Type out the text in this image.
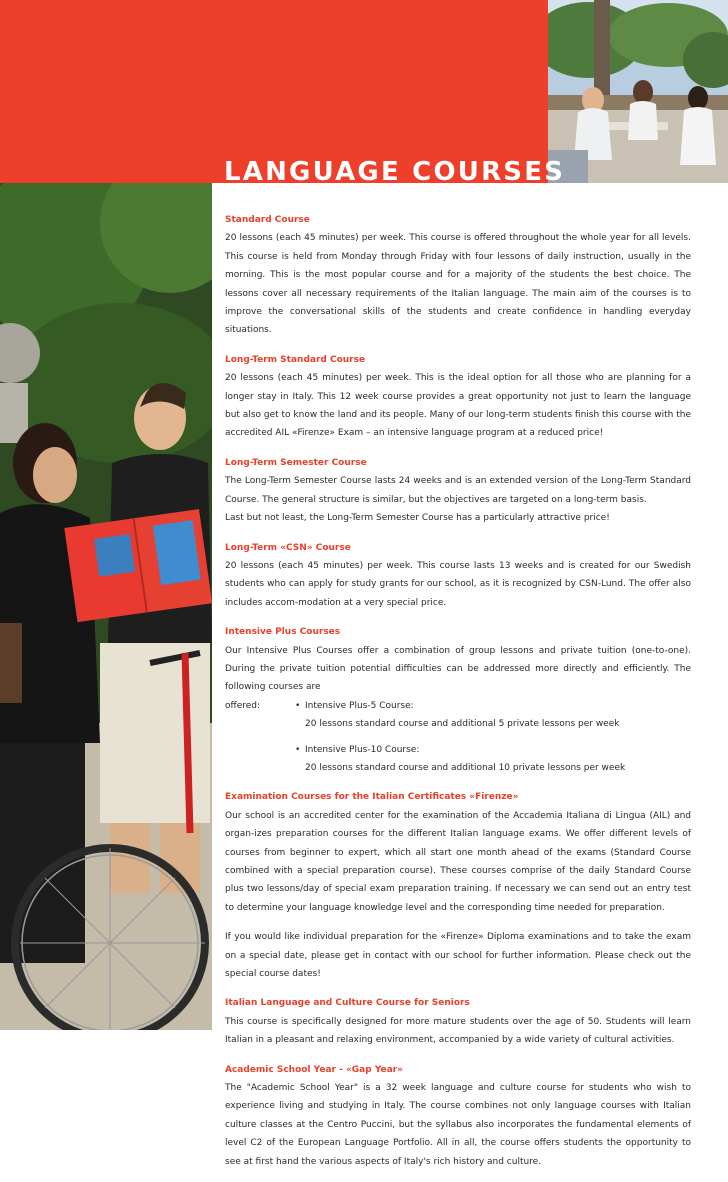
LANGUAGE COURSES

Standard Course

20 lessons (each 45 minutes) per week. This course is offered throughout the whole year for all levels. This course is held from Monday through Friday with four lessons of daily instruction, usually in the morning. This is the most popular course and for a majority of the students the best choice. The lessons cover all necessary requirements of the Italian language. The main aim of the courses is to improve the conversational skills of the students and create confidence in handling everyday situations.

Long-Term Standard Course

20 lessons (each 45 minutes) per week. This is the ideal option for all those who are planning for a longer stay in Italy. This 12 week course provides a great opportunity not just to learn the language but also get to know the land and its people. Many of our long-term students finish this course with the accredited AIL «Firenze» Exam – an intensive language program at a reduced price!

Long-Term Semester Course

The Long-Term Semester Course lasts 24 weeks and is an extended version of the Long-Term Standard Course. The general structure is similar, but the objectives are targeted on a long-term basis.

Last but not least, the Long-Term Semester Course has a particularly attractive price!

Long-Term «CSN» Course

20 lessons (each 45 minutes) per week. This course lasts 13 weeks and is created for our Swedish students who can apply for study grants for our school, as it is recognized by CSN-Lund. The offer also includes accom-modation at a very special price.

Intensive Plus Courses

Our Intensive Plus Courses offer a combination of group lessons and private tuition (one-to-one). During the private tuition potential difficulties can be addressed more directly and efficiently. The following courses are

offered:	• Intensive Plus-5 Course:
20 lessons standard course and additional 5 private lessons per week
• Intensive Plus-10 Course:
20 lessons standard course and additional 10 private lessons per week

Examination Courses for the Italian Certificates «Firenze»

Our school is an accredited center for the examination of the Accademia Italiana di Lingua (AIL) and organ-izes preparation courses for the different Italian language exams. We offer different levels of courses from beginner to expert, which all start one month ahead of the exams (Standard Course combined with a special preparation course). These courses comprise of the daily Standard Course plus two lessons/day of special exam preparation training. If necessary we can send out an entry test to determine your language knowledge level and the corresponding time needed for preparation.

If you would like individual preparation for the «Firenze» Diploma examinations and to take the exam on a special date, please get in contact with our school for further information. Please check out the special course dates!

Italian Language and Culture Course for Seniors

This course is specifically designed for more mature students over the age of 50. Students will learn Italian in a pleasant and relaxing environment, accompanied by a wide variety of cultural activities.

Academic School Year - «Gap Year»

The "Academic School Year" is a 32 week language and culture course for students who wish to experience living and studying in Italy. The course combines not only language courses with Italian culture classes at the Centro Puccini, but the syllabus also incorporates the fundamental elements of level C2 of the European Language Portfolio. All in all, the course offers students the opportunity to see at first hand the various aspects of Italy's rich history and culture.
